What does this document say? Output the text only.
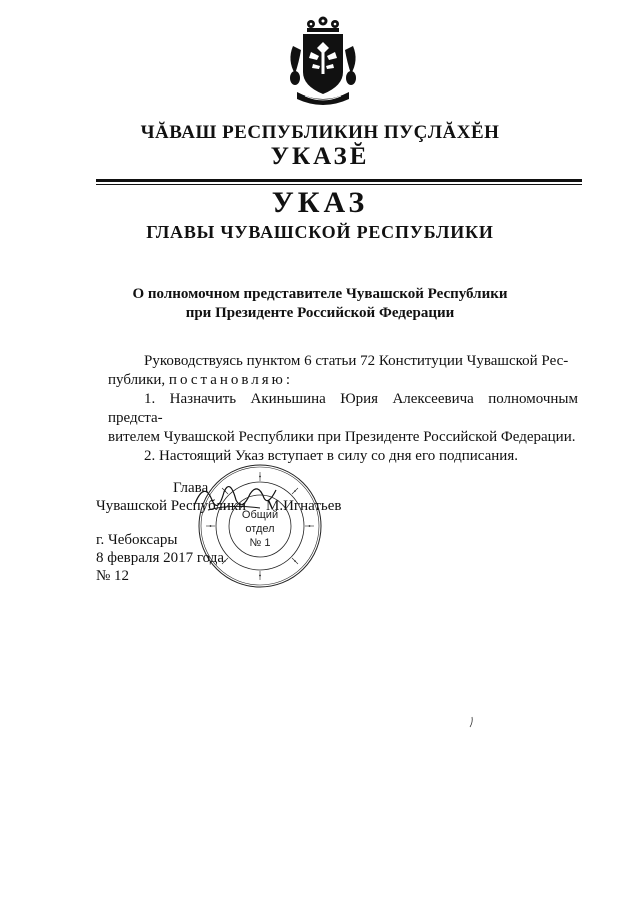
ЧĂВАШ РЕСПУБЛИКИН ПУÇЛĂХĔН
УКАЗĔ
УКАЗ
ГЛАВЫ ЧУВАШСКОЙ РЕСПУБЛИКИ
О полномочном представителе Чувашской Республики
при Президенте Российской Федерации

Руководствуясь пунктом 6 статьи 72 Конституции Чувашской Рес-

публики, постановляю:

1. Назначить Акиньшина Юрия Алексеевича полномочным предста-

вителем Чувашской Республики при Президенте Российской Федерации.

2. Настоящий Указ вступает в силу со дня его подписания.

Глава
Чувашской Республики М.Игнатьев
Общий
отдел
№ 1
г. Чебоксары
8 февраля 2017 года
№ 12
